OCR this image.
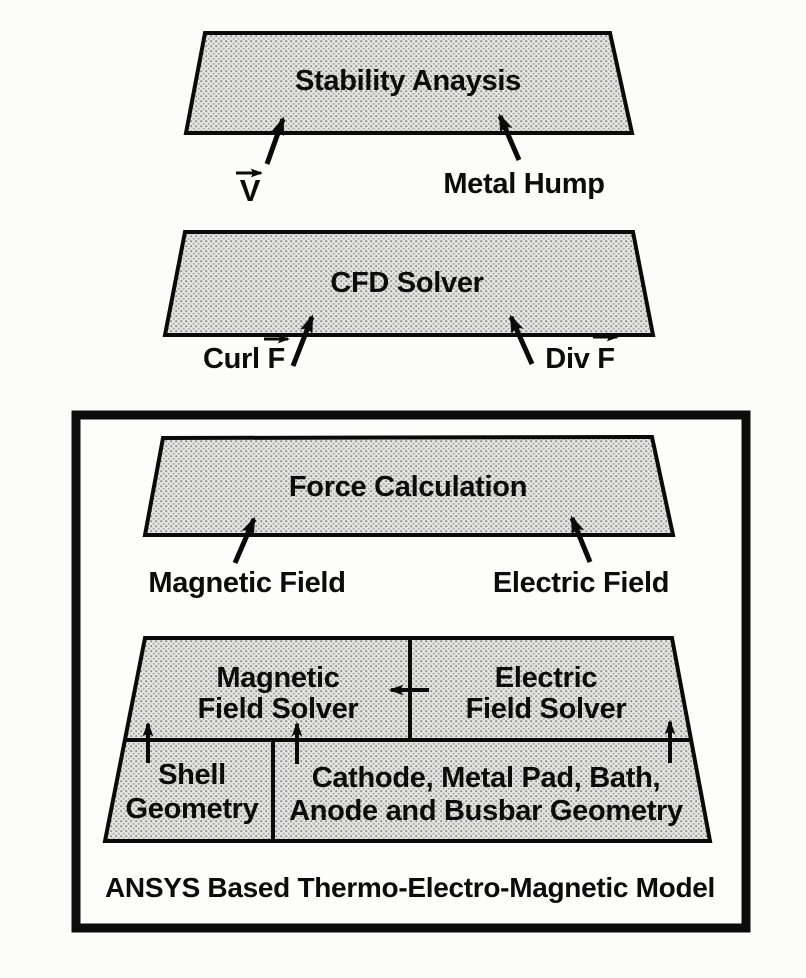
Stability Anaysis
V	Metal Hump
CFD Solver
Curl F	Div F
Force Calculation
Magnetic Field	Electric Field
Magnetic
Field Solver
Electric
Field Solver
Shell
Geometry
Cathode, Metal Pad, Bath,
Anode and Busbar Geometry
ANSYS Based Thermo-Electro-Magnetic Model
